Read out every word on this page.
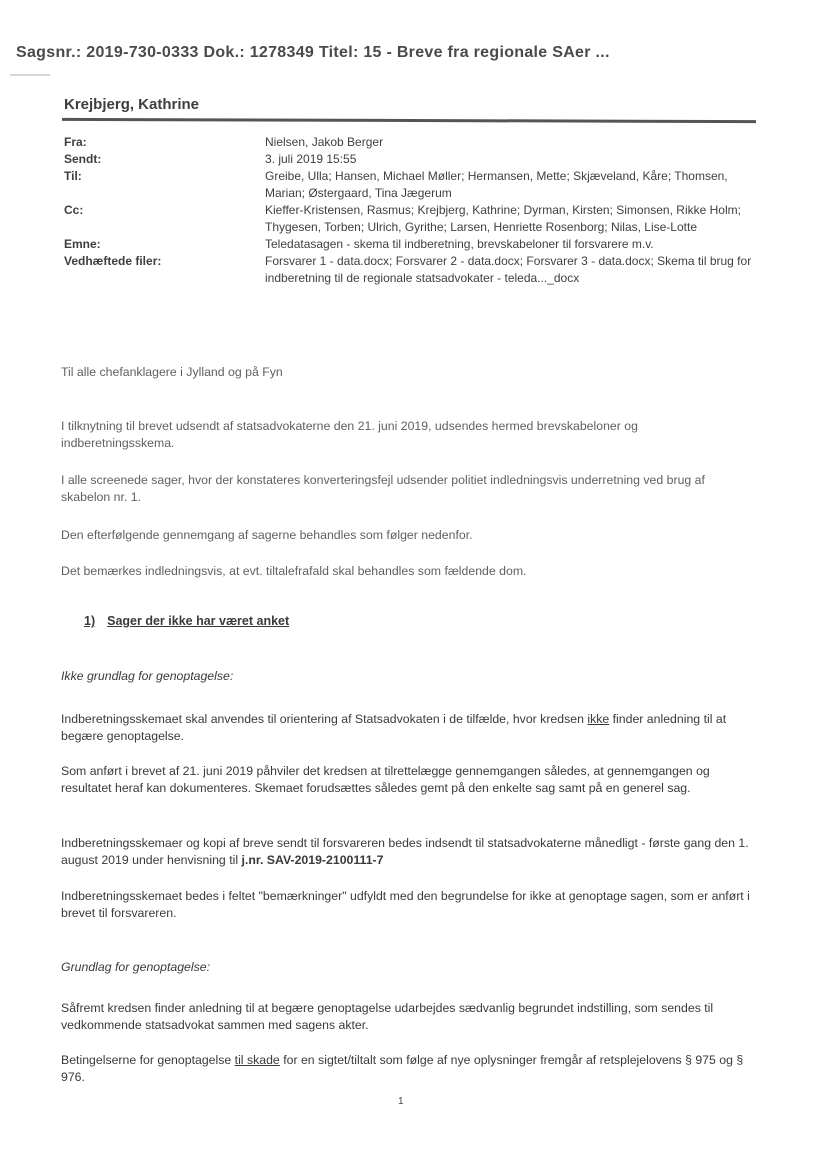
Sagsnr.: 2019-730-0333 Dok.: 1278349 Titel: 15 - Breve fra regionale SAer ...
Krejbjerg, Kathrine
Fra:	Nielsen, Jakob Berger
Sendt:	3. juli 2019 15:55
Til:	Greibe, Ulla; Hansen, Michael Møller; Hermansen, Mette; Skjæveland, Kåre; Thomsen, Marian; Østergaard, Tina Jægerum
Cc:	Kieffer-Kristensen, Rasmus; Krejbjerg, Kathrine; Dyrman, Kirsten; Simonsen, Rikke Holm; Thygesen, Torben; Ulrich, Gyrithe; Larsen, Henriette Rosenborg; Nilas, Lise-Lotte
Emne:	Teledatasagen - skema til indberetning, brevskabeloner til forsvarere m.v.
Vedhæftede filer:	Forsvarer 1 - data.docx; Forsvarer 2 - data.docx; Forsvarer 3 - data.docx; Skema til brug for indberetning til de regionale statsadvokater - teleda..._docx
Til alle chefanklagere i Jylland og på Fyn
I tilknytning til brevet udsendt af statsadvokaterne den 21. juni 2019, udsendes hermed brevskabeloner og indberetningsskema.
I alle screenede sager, hvor der konstateres konverteringsfejl udsender politiet indledningsvis underretning ved brug af skabelon nr. 1.
Den efterfølgende gennemgang af sagerne behandles som følger nedenfor.
Det bemærkes indledningsvis, at evt. tiltalefrafald skal behandles som fældende dom.
1) Sager der ikke har været anket
Ikke grundlag for genoptagelse:
Indberetningsskemaet skal anvendes til orientering af Statsadvokaten i de tilfælde, hvor kredsen ikke finder anledning til at begære genoptagelse.
Som anført i brevet af 21. juni 2019 påhviler det kredsen at tilrettelægge gennemgangen således, at gennemgangen og resultatet heraf kan dokumenteres. Skemaet forudsættes således gemt på den enkelte sag samt på en generel sag.
Indberetningsskemaer og kopi af breve sendt til forsvareren bedes indsendt til statsadvokaterne månedligt - første gang den 1. august 2019 under henvisning til j.nr. SAV-2019-2100111-7
Indberetningsskemaet bedes i feltet "bemærkninger" udfyldt med den begrundelse for ikke at genoptage sagen, som er anført i brevet til forsvareren.
Grundlag for genoptagelse:
Såfremt kredsen finder anledning til at begære genoptagelse udarbejdes sædvanlig begrundet indstilling, som sendes til vedkommende statsadvokat sammen med sagens akter.
Betingelserne for genoptagelse til skade for en sigtet/tiltalt som følge af nye oplysninger fremgår af retsplejelovens § 975 og § 976.
1
